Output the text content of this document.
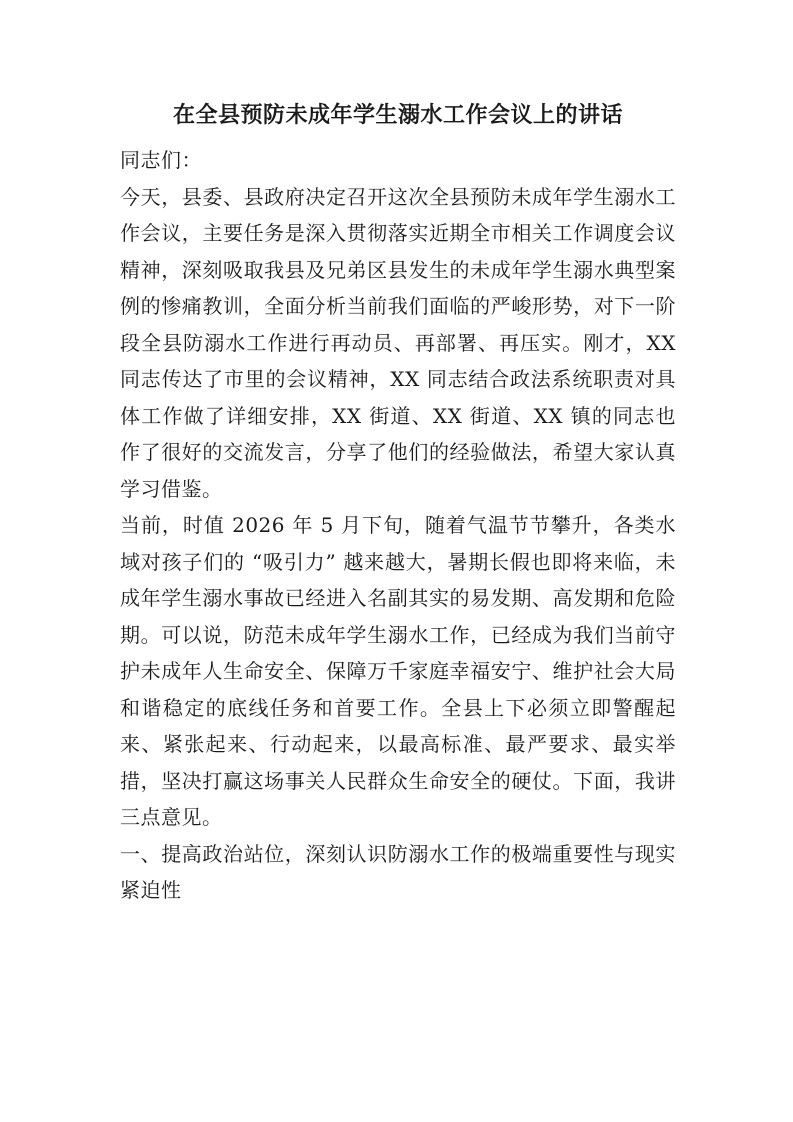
在全县预防未成年学生溺水工作会议上的讲话

同志们：

今天，县委、县政府决定召开这次全县预防未成年学生溺水工作会议，主要任务是深入贯彻落实近期全市相关工作调度会议精神，深刻吸取我县及兄弟区县发生的未成年学生溺水典型案例的惨痛教训，全面分析当前我们面临的严峻形势，对下一阶段全县防溺水工作进行再动员、再部署、再压实。刚才，XX 同志传达了市里的会议精神，XX 同志结合政法系统职责对具体工作做了详细安排，XX 街道、XX 街道、XX 镇的同志也作了很好的交流发言，分享了他们的经验做法，希望大家认真学习借鉴。

当前，时值 2026 年 5 月下旬，随着气温节节攀升，各类水域对孩子们的 “吸引力” 越来越大，暑期长假也即将来临，未成年学生溺水事故已经进入名副其实的易发期、高发期和危险期。可以说，防范未成年学生溺水工作，已经成为我们当前守护未成年人生命安全、保障万千家庭幸福安宁、维护社会大局和谐稳定的底线任务和首要工作。全县上下必须立即警醒起来、紧张起来、行动起来，以最高标准、最严要求、最实举措，坚决打赢这场事关人民群众生命安全的硬仗。下面，我讲三点意见。

一、提高政治站位，深刻认识防溺水工作的极端重要性与现实紧迫性
